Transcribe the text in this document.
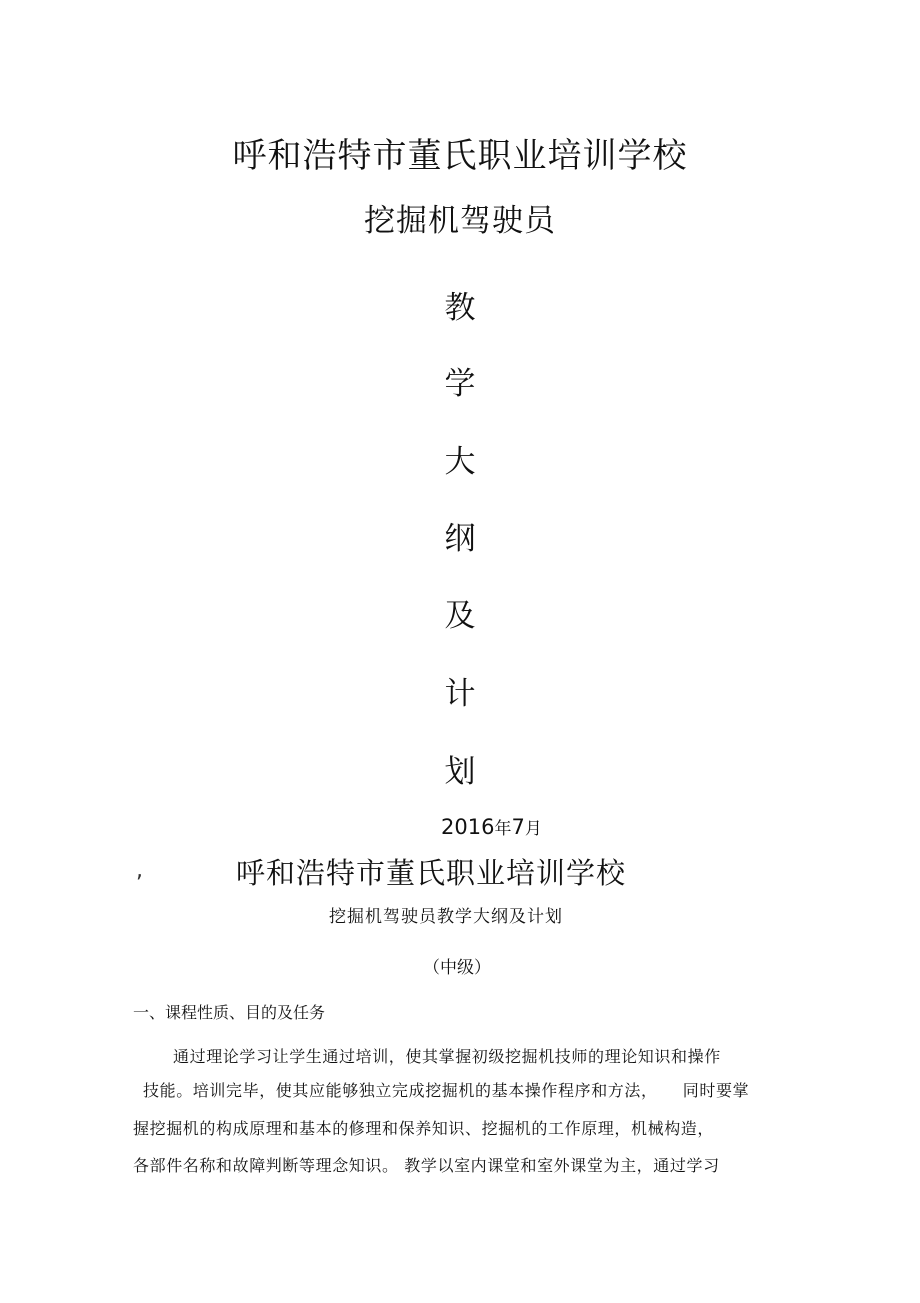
呼和浩特市董氏职业培训学校
挖掘机驾驶员
教
学
大
纲
及
计
划
2016年7月
,	呼和浩特市董氏职业培训学校
挖掘机驾驶员教学大纲及计划
（中级）
一、课程性质、目的及任务
通过理论学习让学生通过培训，使其掌握初级挖掘机技师的理论知识和操作
技能。培训完毕，使其应能够独立完成挖掘机的基本操作程序和方法，　　同时要掌
握挖掘机的构成原理和基本的修理和保养知识、挖掘机的工作原理，机械构造，
各部件名称和故障判断等理念知识。 教学以室内课堂和室外课堂为主，通过学习
